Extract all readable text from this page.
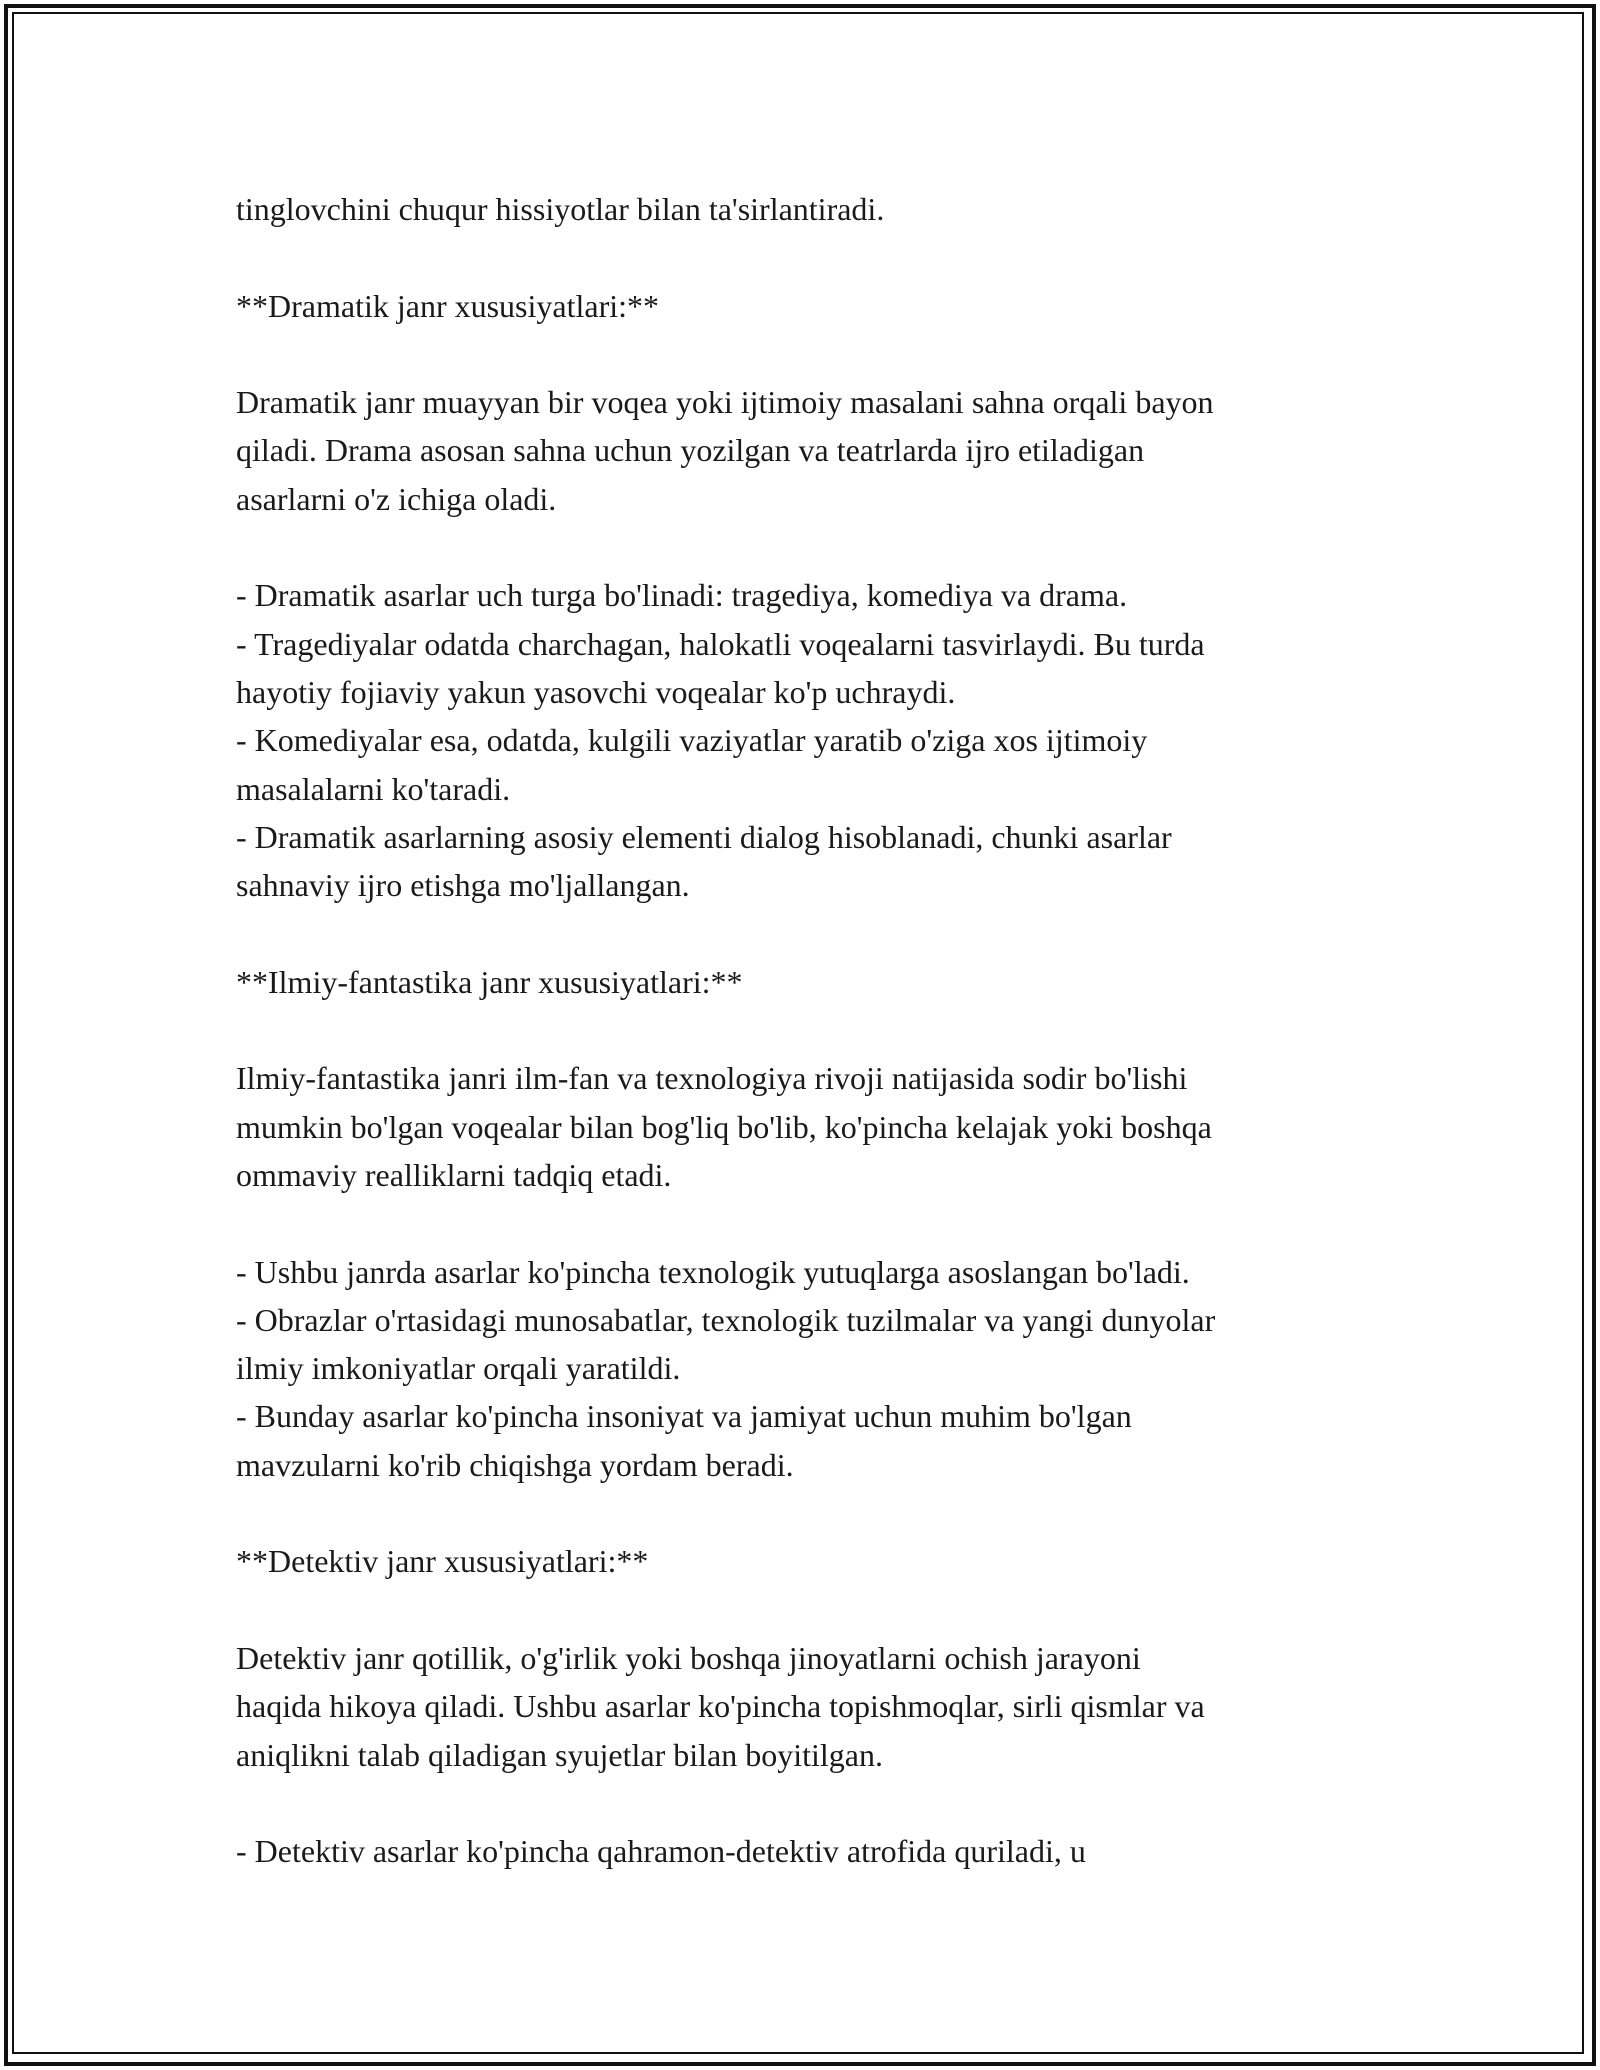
tinglovchini chuqur hissiyotlar bilan ta'sirlantiradi.
**Dramatik janr xususiyatlari:**
Dramatik janr muayyan bir voqea yoki ijtimoiy masalani sahna orqali bayon
qiladi. Drama asosan sahna uchun yozilgan va teatrlarda ijro etiladigan
asarlarni o'z ichiga oladi.
- Dramatik asarlar uch turga bo'linadi: tragediya, komediya va drama.
- Tragediyalar odatda charchagan, halokatli voqealarni tasvirlaydi. Bu turda
hayotiy fojiaviy yakun yasovchi voqealar ko'p uchraydi.
- Komediyalar esa, odatda, kulgili vaziyatlar yaratib o'ziga xos ijtimoiy
masalalarni ko'taradi.
- Dramatik asarlarning asosiy elementi dialog hisoblanadi, chunki asarlar
sahnaviy ijro etishga mo'ljallangan.
**Ilmiy-fantastika janr xususiyatlari:**
Ilmiy-fantastika janri ilm-fan va texnologiya rivoji natijasida sodir bo'lishi
mumkin bo'lgan voqealar bilan bog'liq bo'lib, ko'pincha kelajak yoki boshqa
ommaviy realliklarni tadqiq etadi.
- Ushbu janrda asarlar ko'pincha texnologik yutuqlarga asoslangan bo'ladi.
- Obrazlar o'rtasidagi munosabatlar, texnologik tuzilmalar va yangi dunyolar
ilmiy imkoniyatlar orqali yaratildi.
- Bunday asarlar ko'pincha insoniyat va jamiyat uchun muhim bo'lgan
mavzularni ko'rib chiqishga yordam beradi.
**Detektiv janr xususiyatlari:**
Detektiv janr qotillik, o'g'irlik yoki boshqa jinoyatlarni ochish jarayoni
haqida hikoya qiladi. Ushbu asarlar ko'pincha topishmoqlar, sirli qismlar va
aniqlikni talab qiladigan syujetlar bilan boyitilgan.
- Detektiv asarlar ko'pincha qahramon-detektiv atrofida quriladi, u
